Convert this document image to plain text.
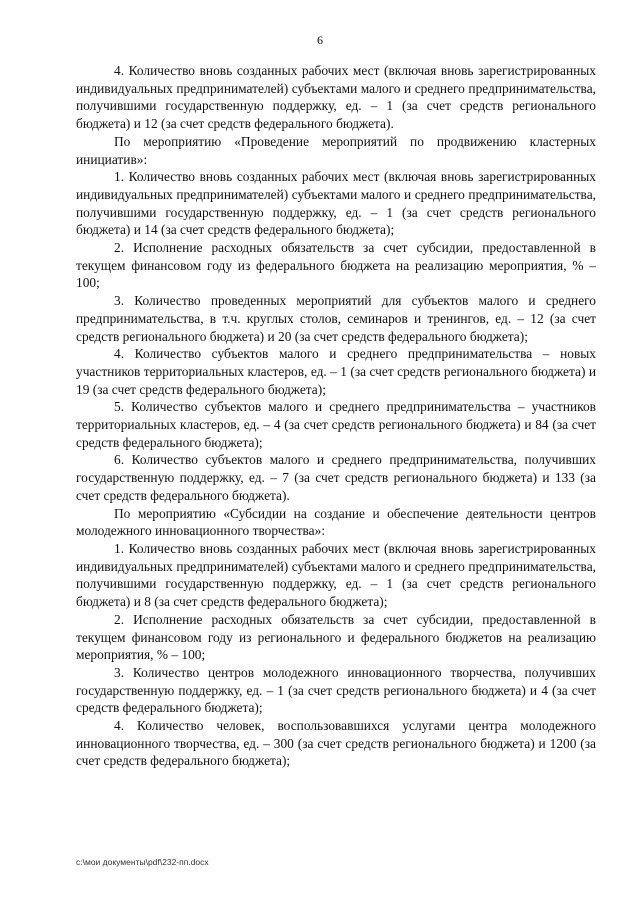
6

4. Количество вновь созданных рабочих мест (включая вновь зарегистрированных индивидуальных предпринимателей) субъектами малого и среднего предпринимательства, получившими государственную поддержку, ед. – 1 (за счет средств регионального бюджета) и 12 (за счет средств федерального бюджета).

По мероприятию «Проведение мероприятий по продвижению кластерных инициатив»:

1. Количество вновь созданных рабочих мест (включая вновь зарегистрированных индивидуальных предпринимателей) субъектами малого и среднего предпринимательства, получившими государственную поддержку, ед. – 1 (за счет средств регионального бюджета) и 14 (за счет средств федерального бюджета);

2. Исполнение расходных обязательств за счет субсидии, предоставленной в текущем финансовом году из федерального бюджета на реализацию мероприятия, % – 100;

3. Количество проведенных мероприятий для субъектов малого и среднего предпринимательства, в т.ч. круглых столов, семинаров и тренингов, ед. – 12 (за счет средств регионального бюджета) и 20 (за счет средств федерального бюджета);

4. Количество субъектов малого и среднего предпринимательства – новых участников территориальных кластеров, ед. – 1 (за счет средств регионального бюджета) и 19 (за счет средств федерального бюджета);

5. Количество субъектов малого и среднего предпринимательства – участников территориальных кластеров, ед. – 4 (за счет средств регионального бюджета) и 84 (за счет средств федерального бюджета);

6. Количество субъектов малого и среднего предпринимательства, получивших государственную поддержку, ед. – 7 (за счет средств регионального бюджета) и 133 (за счет средств федерального бюджета).

По мероприятию «Субсидии на создание и обеспечение деятельности центров молодежного инновационного творчества»:

1. Количество вновь созданных рабочих мест (включая вновь зарегистрированных индивидуальных предпринимателей) субъектами малого и среднего предпринимательства, получившими государственную поддержку, ед. – 1 (за счет средств регионального бюджета) и 8 (за счет средств федерального бюджета);

2. Исполнение расходных обязательств за счет субсидии, предоставленной в текущем финансовом году из регионального и федерального бюджетов на реализацию мероприятия, % – 100;

3. Количество центров молодежного инновационного творчества, получивших государственную поддержку, ед. – 1 (за счет средств регионального бюджета) и 4 (за счет средств федерального бюджета);

4. Количество человек, воспользовавшихся услугами центра молодежного инновационного творчества, ед. – 300 (за счет средств регионального бюджета) и 1200 (за счет средств федерального бюджета);

c:\мои документы\pdf\232-пп.docx
